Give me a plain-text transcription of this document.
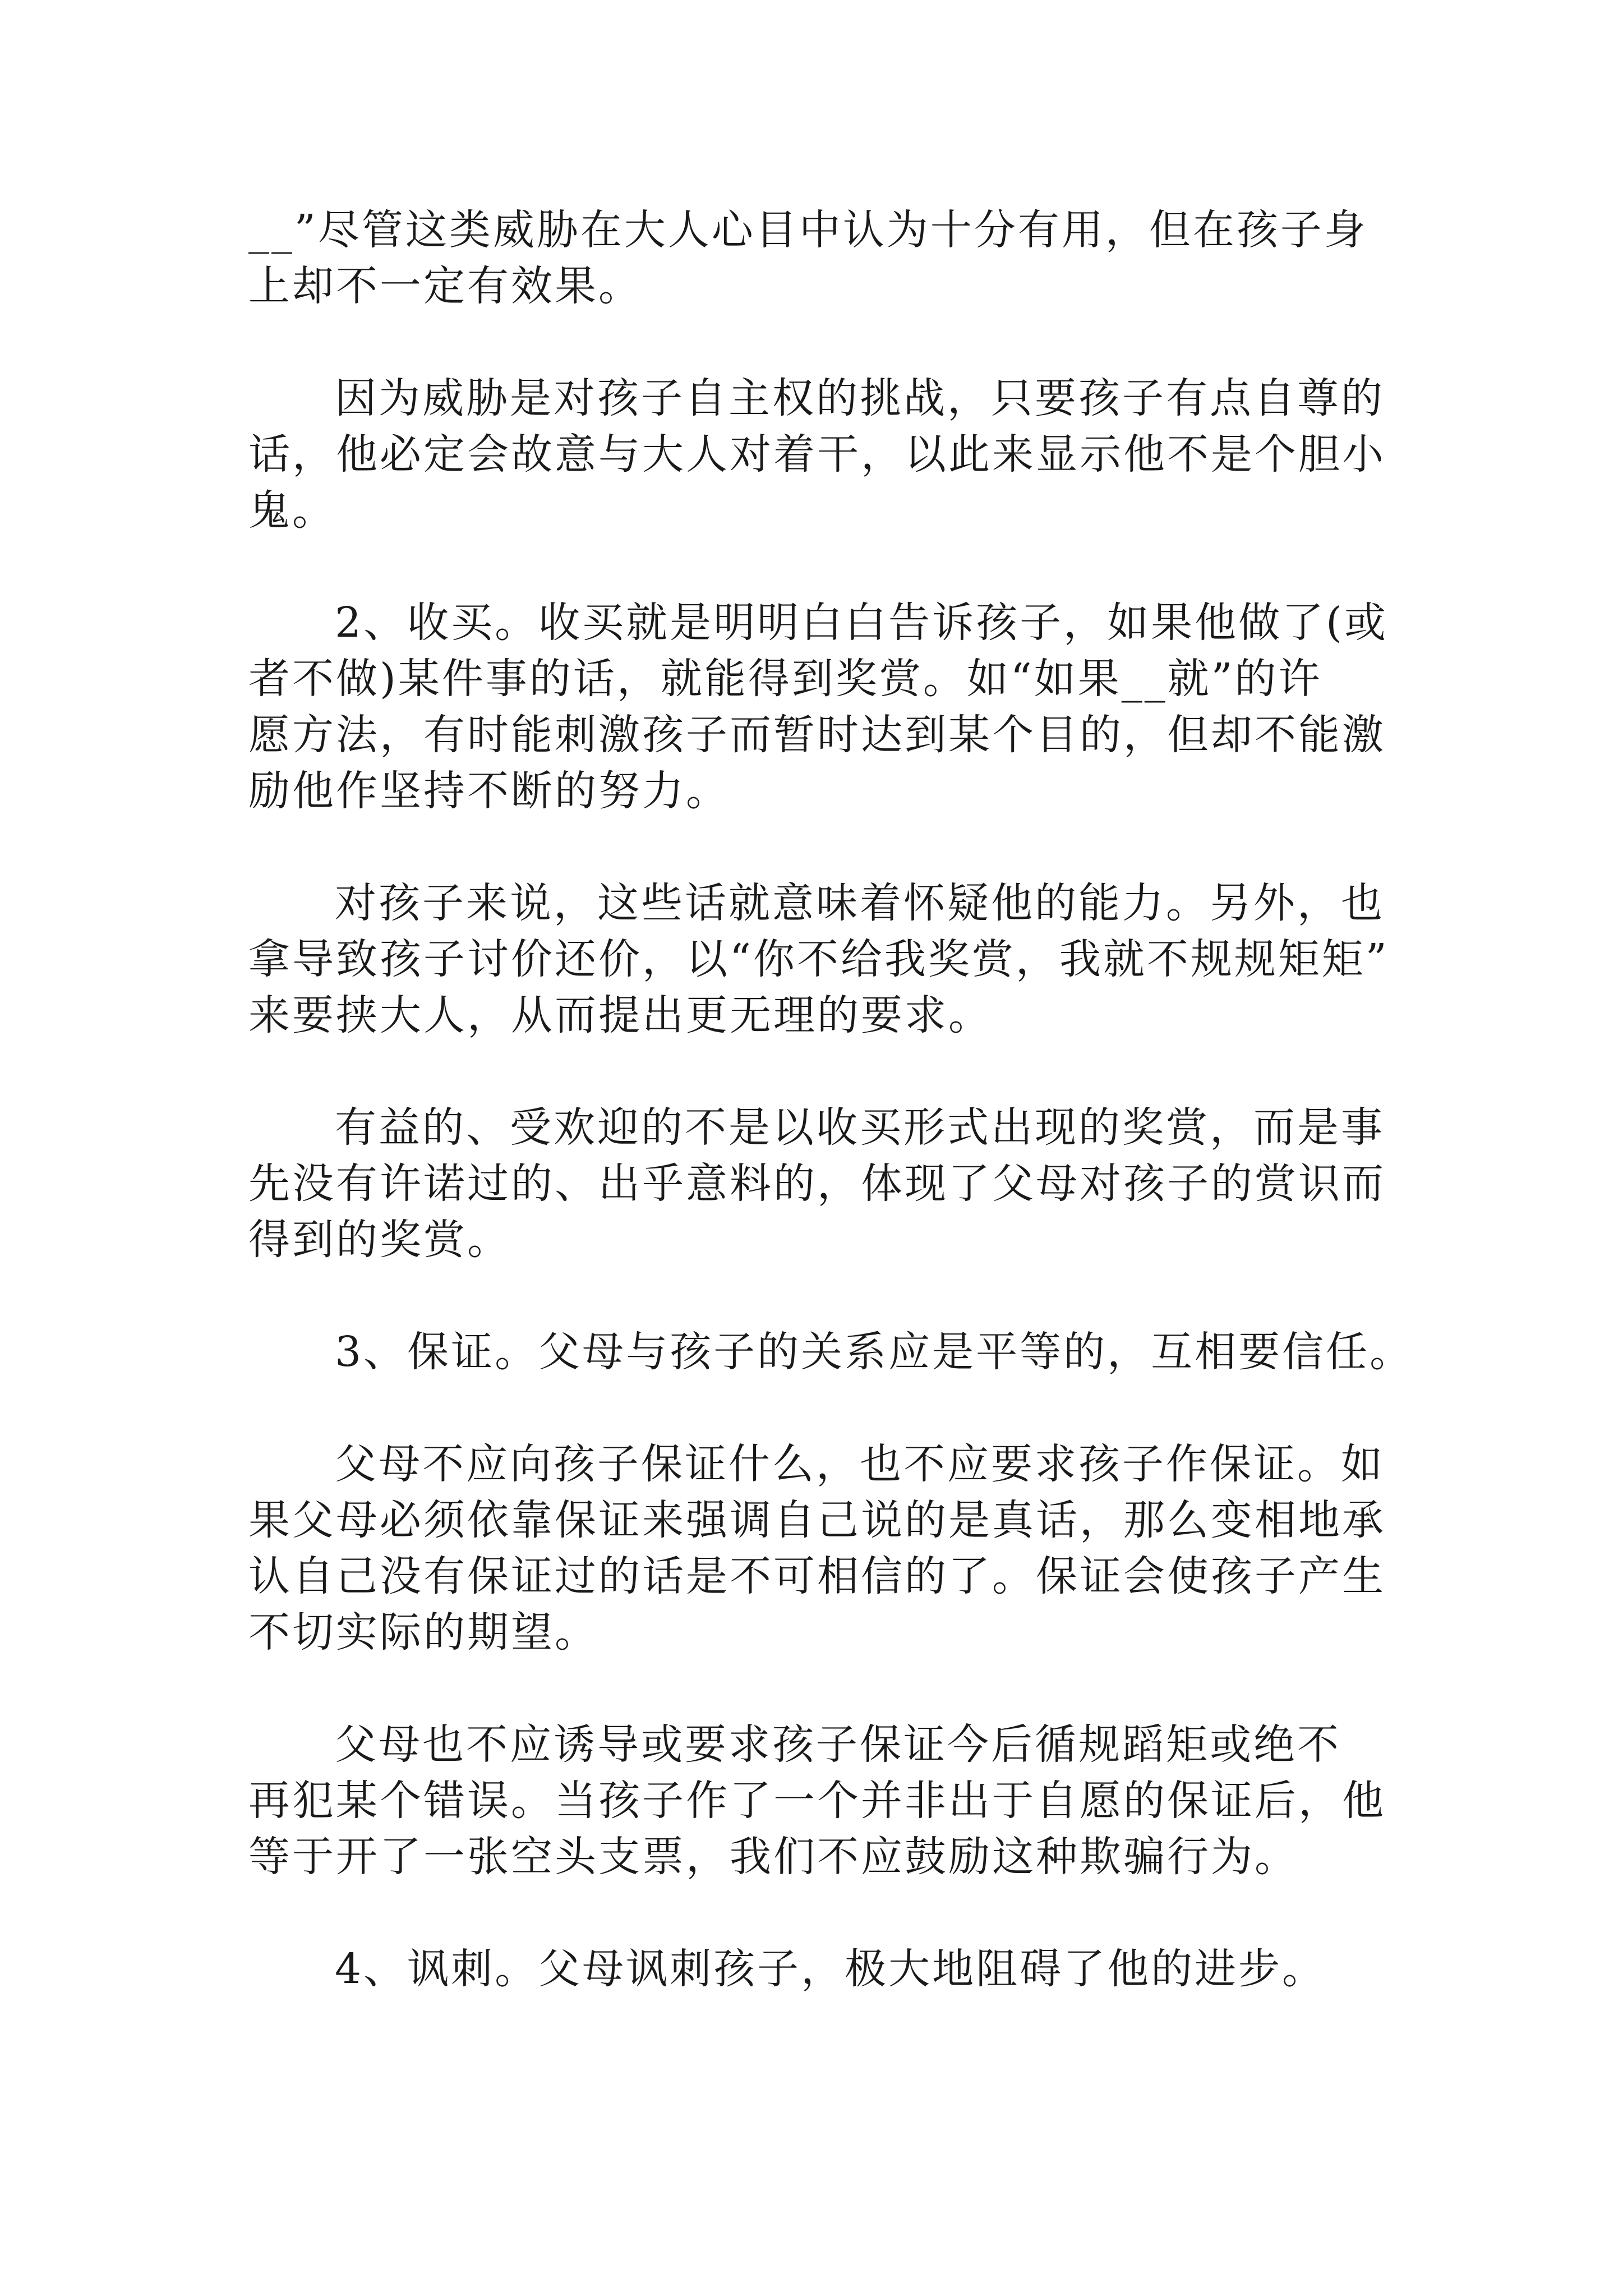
__”尽管这类威胁在大人心目中认为十分有用，但在孩子身
上却不一定有效果。
因为威胁是对孩子自主权的挑战，只要孩子有点自尊的
话，他必定会故意与大人对着干，以此来显示他不是个胆小
鬼。
2、收买。收买就是明明白白告诉孩子，如果他做了(或
者不做)某件事的话，就能得到奖赏。如“如果__就”的许
愿方法，有时能刺激孩子而暂时达到某个目的，但却不能激
励他作坚持不断的努力。
对孩子来说，这些话就意味着怀疑他的能力。另外，也
拿导致孩子讨价还价，以“你不给我奖赏，我就不规规矩矩”
来要挟大人，从而提出更无理的要求。
有益的、受欢迎的不是以收买形式出现的奖赏，而是事
先没有许诺过的、出乎意料的，体现了父母对孩子的赏识而
得到的奖赏。
3、保证。父母与孩子的关系应是平等的，互相要信任。
父母不应向孩子保证什么，也不应要求孩子作保证。如
果父母必须依靠保证来强调自己说的是真话，那么变相地承
认自己没有保证过的话是不可相信的了。保证会使孩子产生
不切实际的期望。
父母也不应诱导或要求孩子保证今后循规蹈矩或绝不
再犯某个错误。当孩子作了一个并非出于自愿的保证后，他
等于开了一张空头支票，我们不应鼓励这种欺骗行为。
4、讽刺。父母讽刺孩子，极大地阻碍了他的进步。
